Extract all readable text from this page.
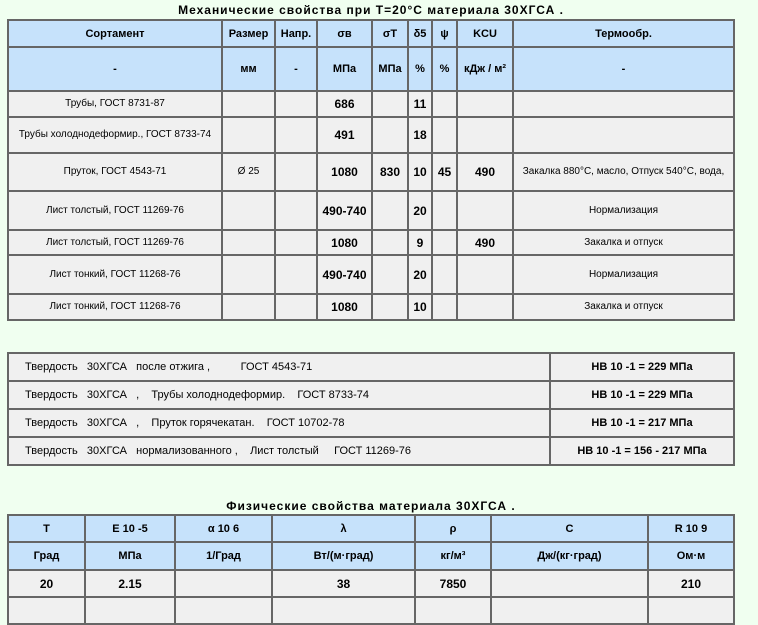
Механические свойства при Т=20°С материала 30ХГСА .
Сортамент	Размер	Напр.	σв	σT	δ5	ψ	KCU	Термообр.
-	мм	-	МПа	МПа	%	%	кДж / м²	-
Трубы, ГОСТ 8731-87			686		11			
Трубы холоднодеформир., ГОСТ 8733-74			491		18			
Пруток, ГОСТ 4543-71	Ø 25		1080	830	10	45	490	Закалка 880°C, масло, Отпуск 540°C, вода,
Лист толстый, ГОСТ 11269-76			490-740		20			Нормализация
Лист толстый, ГОСТ 11269-76			1080		9		490	Закалка и отпуск
Лист тонкий, ГОСТ 11268-76			490-740		20			Нормализация
Лист тонкий, ГОСТ 11268-76			1080		10			Закалка и отпуск
Твердость   30ХГСА   после отжига ,          ГОСТ 4543-71	HB 10 -1 = 229 МПа
Твердость   30ХГСА   ,    Трубы холоднодеформир.    ГОСТ 8733-74	HB 10 -1 = 229 МПа
Твердость   30ХГСА   ,    Пруток горячекатан.    ГОСТ 10702-78	HB 10 -1 = 217 МПа
Твердость   30ХГСА   нормализованного ,    Лист толстый     ГОСТ 11269-76	HB 10 -1 = 156 - 217 МПа
Физические свойства материала 30ХГСА .
T	E 10 -5	α 10 6	λ	ρ	C	R 10 9
Град	МПа	1/Град	Вт/(м·град)	кг/м³	Дж/(кг·град)	Ом·м
20	2.15		38	7850		210
